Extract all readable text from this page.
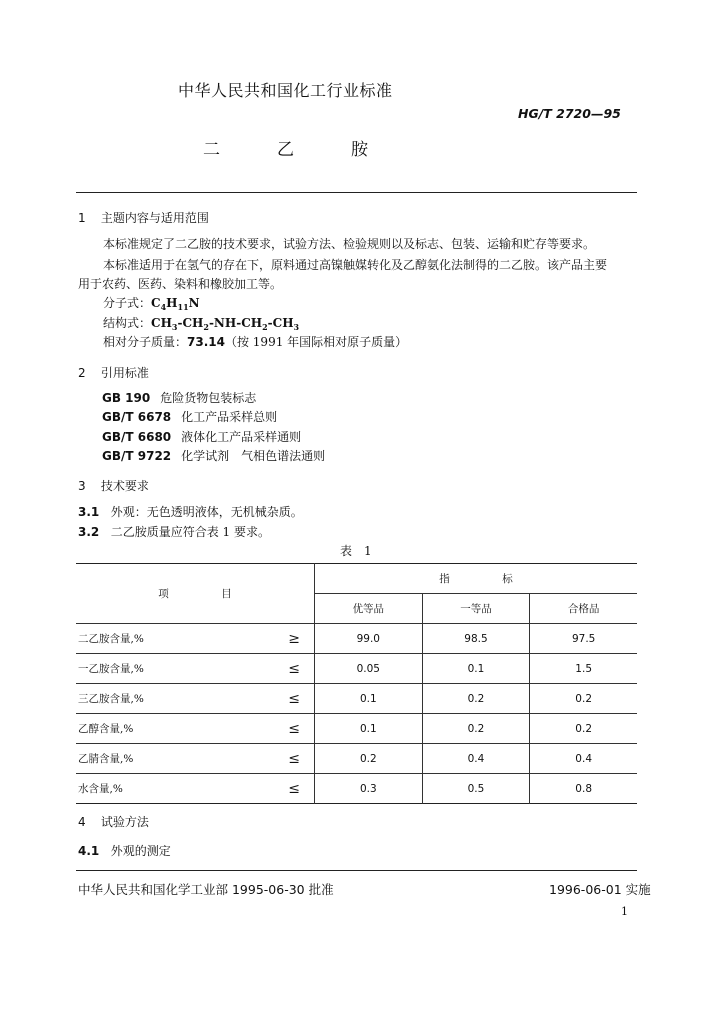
中华人民共和国化工行业标准
HG/T 2720—95
二	乙	胺
1 主题内容与适用范围
本标准规定了二乙胺的技术要求，试验方法、检验规则以及标志、包装、运输和贮存等要求。
本标准适用于在氢气的存在下，原料通过高镍触媒转化及乙醇氨化法制得的二乙胺。该产品主要
用于农药、医药、染料和橡胶加工等。
分子式：$C_4H_{11}N$
结构式：$CH_3-CH_2-NH-CH_2-CH_3$
相对分子质量：73.14（按 1991 年国际相对原子质量）
2 引用标准
GB 190 危险货物包装标志
GB/T 6678 化工产品采样总则
GB/T 6680 液体化工产品采样通则
GB/T 9722 化学试剂　气相色谱法通则
3 技术要求
3.1 外观：无色透明液体，无机械杂质。
3.2 二乙胺质量应符合表 1 要求。
表　1
项　　　　　目		指　　　　　标		
		优等品	一等品	合格品
二乙胺含量,%	≥	99.0	98.5	97.5
一乙胺含量,%	≤	0.05	0.1	1.5
三乙胺含量,%	≤	0.1	0.2	0.2
乙醇含量,%	≤	0.1	0.2	0.2
乙腈含量,%	≤	0.2	0.4	0.4
水含量,%	≤	0.3	0.5	0.8
4 试验方法
4.1 外观的测定
中华人民共和国化学工业部 1995-06-30 批准	1996-06-01 实施
1
